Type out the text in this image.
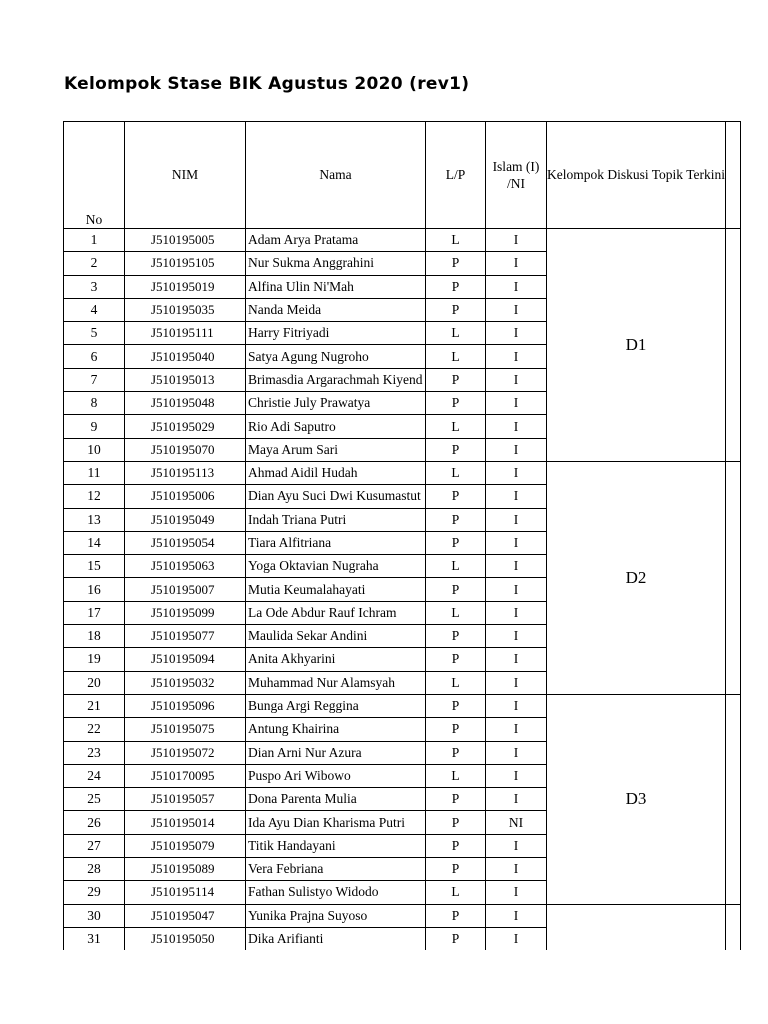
Kelompok Stase BIK Agustus 2020 (rev1)
No	NIM	Nama	L/P	Islam (I) /NI	Kelompok Diskusi Topik Terkini	
1	J510195005	Adam Arya Pratama	L	I	D1	
2	J510195105	Nur Sukma Anggrahini	P	I		
3	J510195019	Alfina Ulin Ni'Mah	P	I		
4	J510195035	Nanda Meida	P	I		
5	J510195111	Harry Fitriyadi	L	I		
6	J510195040	Satya Agung Nugroho	L	I		
7	J510195013	Brimasdia Argarachmah Kiyend	P	I		
8	J510195048	Christie July Prawatya	P	I		
9	J510195029	Rio Adi Saputro	L	I		
10	J510195070	Maya Arum Sari	P	I		
11	J510195113	Ahmad Aidil Hudah	L	I	D2	
12	J510195006	Dian Ayu Suci Dwi Kusumastut	P	I		
13	J510195049	Indah Triana Putri	P	I		
14	J510195054	Tiara Alfitriana	P	I		
15	J510195063	Yoga Oktavian Nugraha	L	I		
16	J510195007	Mutia Keumalahayati	P	I		
17	J510195099	La Ode Abdur Rauf Ichram	L	I		
18	J510195077	Maulida Sekar Andini	P	I		
19	J510195094	Anita Akhyarini	P	I		
20	J510195032	Muhammad Nur Alamsyah	L	I		
21	J510195096	Bunga Argi Reggina	P	I	D3	
22	J510195075	Antung Khairina	P	I		
23	J510195072	Dian Arni Nur Azura	P	I		
24	J510170095	Puspo Ari Wibowo	L	I		
25	J510195057	Dona Parenta Mulia	P	I		
26	J510195014	Ida Ayu Dian Kharisma Putri	P	NI		
27	J510195079	Titik Handayani	P	I		
28	J510195089	Vera Febriana	P	I		
29	J510195114	Fathan Sulistyo Widodo	L	I		
30	J510195047	Yunika Prajna Suyoso	P	I		
31	J510195050	Dika Arifianti	P	I		
